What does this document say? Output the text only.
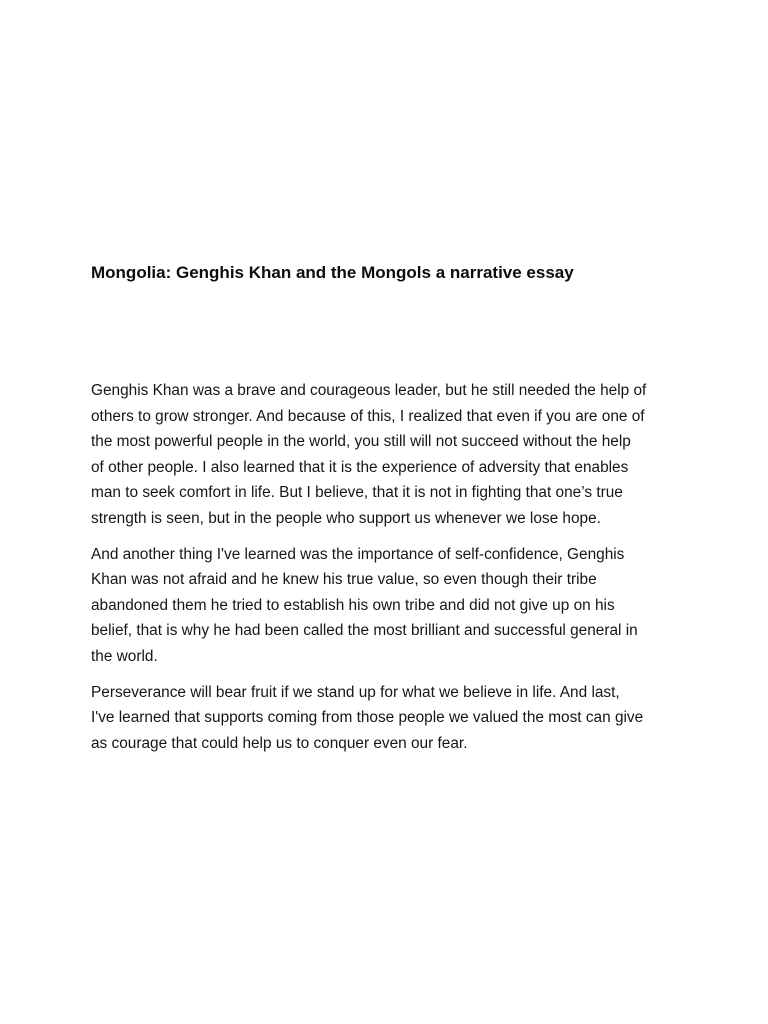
Mongolia: Genghis Khan and the Mongols a narrative essay

Genghis Khan was a brave and courageous leader, but he still needed the help of
others to grow stronger. And because of this, I realized that even if you are one of
the most powerful people in the world, you still will not succeed without the help
of other people. I also learned that it is the experience of adversity that enables
man to seek comfort in life. But I believe, that it is not in fighting that one’s true
strength is seen, but in the people who support us whenever we lose hope.

And another thing I've learned was the importance of self-confidence, Genghis
Khan was not afraid and he knew his true value, so even though their tribe
abandoned them he tried to establish his own tribe and did not give up on his
belief, that is why he had been called the most brilliant and successful general in
the world.

Perseverance will bear fruit if we stand up for what we believe in life. And last,
I've learned that supports coming from those people we valued the most can give
as courage that could help us to conquer even our fear.
